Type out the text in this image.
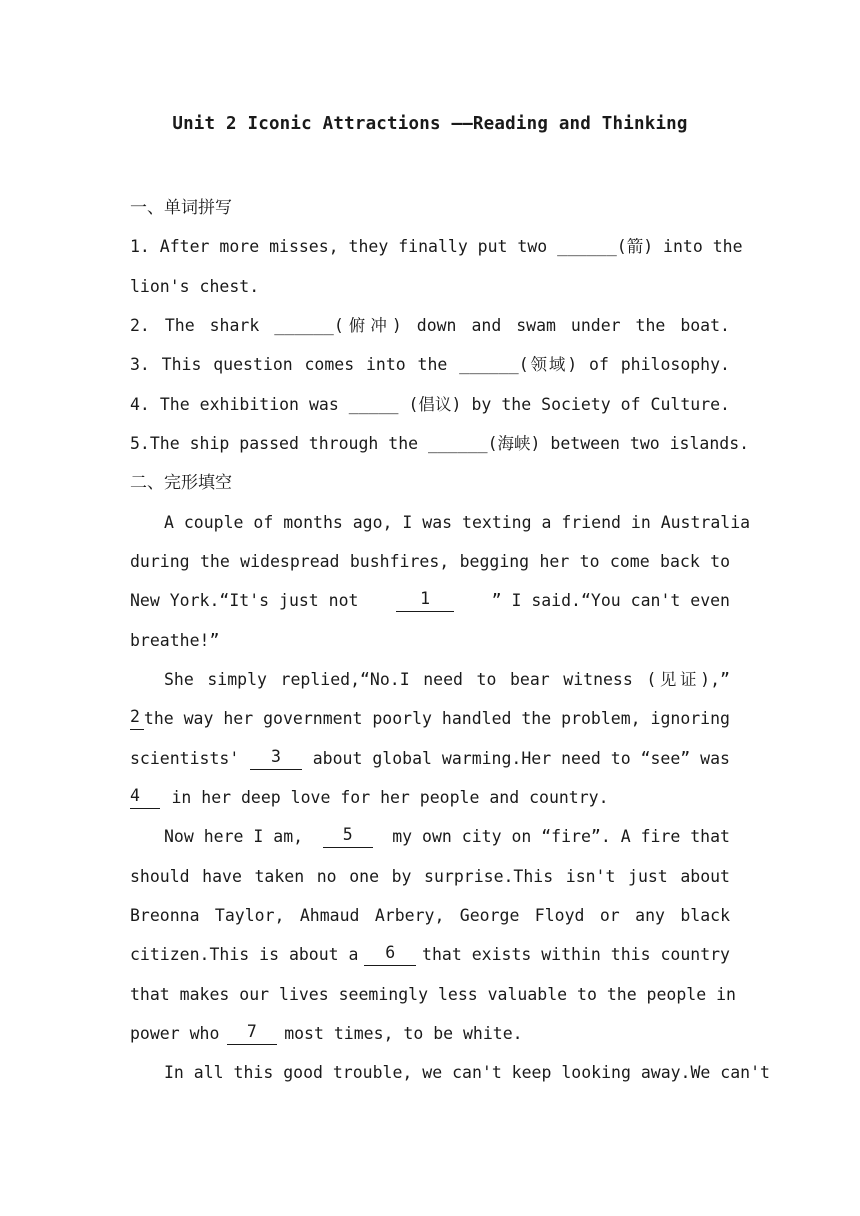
Unit 2 Iconic Attractions ——Reading and Thinking
一、单词拼写
1. After more misses, they finally put two ______(箭) into the
lion's chest.
2. The shark ______(俯冲) down and swam under the boat.
3. This question comes into the ______(领域) of philosophy.
4. The exhibition was _____ (倡议) by the Society of Culture.
5.The ship passed through the ______(海峡) between two islands.
二、完形填空
A couple of months ago, I was texting a friend in Australia
during the widespread bushfires, begging her to come back to
New York.“It's just not	1	” I said.“You can't even
breathe!”
She simply replied,“No.I need to bear witness (见证),”
2 the way her government poorly handled the problem, ignoring
scientists'	3	about global warming.Her need to “see” was
4	in her deep love for her people and country.
Now here I am,	5	my own city on “fire”. A fire that
should have taken no one by surprise.This isn't just about
Breonna Taylor, Ahmaud Arbery, George Floyd or any black
citizen.This is about a	6	that exists within this country
that makes our lives seemingly less valuable to the people in
power who	7	most times, to be white.
In all this good trouble, we can't keep looking away.We can't
